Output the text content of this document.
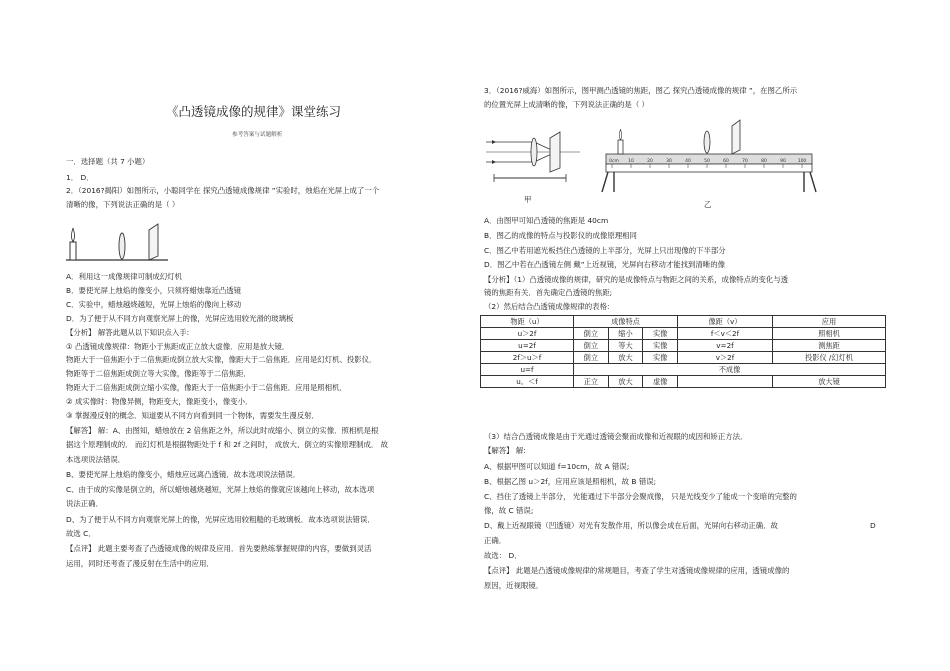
《凸透镜成像的规律》课堂练习
参考答案与试题解析
一．选择题（共 7 小题）
1． D．
2．（2016?揭阳）如图所示，小聪同学在 探究凸透镜成像规律 ”实验时，烛焰在光屏上成了一个
清晰的像，下列说法正确的是（ ）
A．利用这一成像规律可制成幻灯机
B．要使光屏上烛焰的像变小，只须将蜡烛靠近凸透镜
C．实验中，蜡烛越烧越短，光屏上烛焰的像向上移动
D．为了便于从不同方向观察光屏上的像，光屏应选用较光滑的玻璃板
【分析】 解答此题从以下知识点入手:
① 凸透镜成像规律：物距小于焦距成正立放大虚像．应用是放大镜．
物距大于一倍焦距小于二倍焦距成倒立放大实像，像距大于二倍焦距．应用是幻灯机、投影仪．
物距等于二倍焦距成倒立等大实像，像距等于二倍焦距．
物距大于二倍焦距成倒立缩小实像，像距大于一倍焦距小于二倍焦距．应用是照相机．
② 成实像时：物像异侧，物距变大，像距变小，像变小．
③ 掌握漫反射的概念．知道要从不同方向看到同一个物体，需要发生漫反射．
【解答】 解：A、由图知，蜡烛放在 2 倍焦距之外，所以此时成缩小、倒立的实像．照相机是根
据这个原理制成的． 而幻灯机是根据物距处于 f 和 2f 之间时， 成放大、倒立的实像原理制成． 故
本选项说法错误．
B、要使光屏上烛焰的像变小，蜡烛应远离凸透镜．故本选项说法错误．
C、由于成的实像是倒立的，所以蜡烛越烧越短，光屏上烛焰的像就应该越向上移动，故本选项
说法正确．
D、为了便于从不同方向观察光屏上的像，光屏应选用较粗糙的毛玻璃板．故本选项说法错误．
故选 C．
【点评】 此题主要考查了凸透镜成像的规律及应用．首先要熟练掌握规律的内容，要做到灵活
运用，同时还考查了漫反射在生活中的应用．
3．（2016?威海）如图所示，图甲测凸透镜的焦距，图乙 探究凸透镜成像的规律 ”，在图乙所示
的位置光屏上成清晰的像，下列说法正确的是（ ）
甲
0cm 10	20	30	40	50	60	70	80	90	100
乙
A．由图甲可知凸透镜的焦距是 40cm
B．图乙的成像的特点与投影仪的成像原理相同
C．图乙中若用遮光板挡住凸透镜的上半部分，光屏上只出现像的下半部分
D．图乙中若在凸透镜左侧 戴”上近视镜，光屏向右移动才能找到清晰的像
【分析】（1）凸透镜成像的规律，研究的是成像特点与物距之间的关系，成像特点的变化与透
镜的焦距有关．首先确定凸透镜的焦距;
（2）然后结合凸透镜成像规律的表格:
物距（u）	成像特点			像距（v）	应用
u＞2f	倒立	缩小	实像	f＜v＜2f	照相机
u=2f	倒立	等大	实像	v=2f	测焦距
2f＞u＞f	倒立	放大	实像	v＞2f	投影仪 /幻灯机
u=f	不成像				
u。＜f	正立	放大	虚像		放大镜
（3）结合凸透镜成像是由于光通过透镜会聚而成像和近视眼的成因和矫正方法．
【解答】 解:
A、根据甲图可以知道 f=10cm，故 A 错误;
B、根据乙图 u＞2f，应用应该是照相机，故 B 错误;
C、挡住了透镜上半部分， 光能通过下半部分会聚成像， 只是光线变少了能成一个变暗的完整的
像，故 C 错误;
D、戴上近视眼镜（凹透镜）对光有发散作用，所以像会成在后面，光屏向右移动正确．故	D
正确．
故选： D．
【点评】 此题是凸透镜成像规律的常规题目，考查了学生对透镜成像规律的应用，透镜成像的
原因，近视眼镜．
